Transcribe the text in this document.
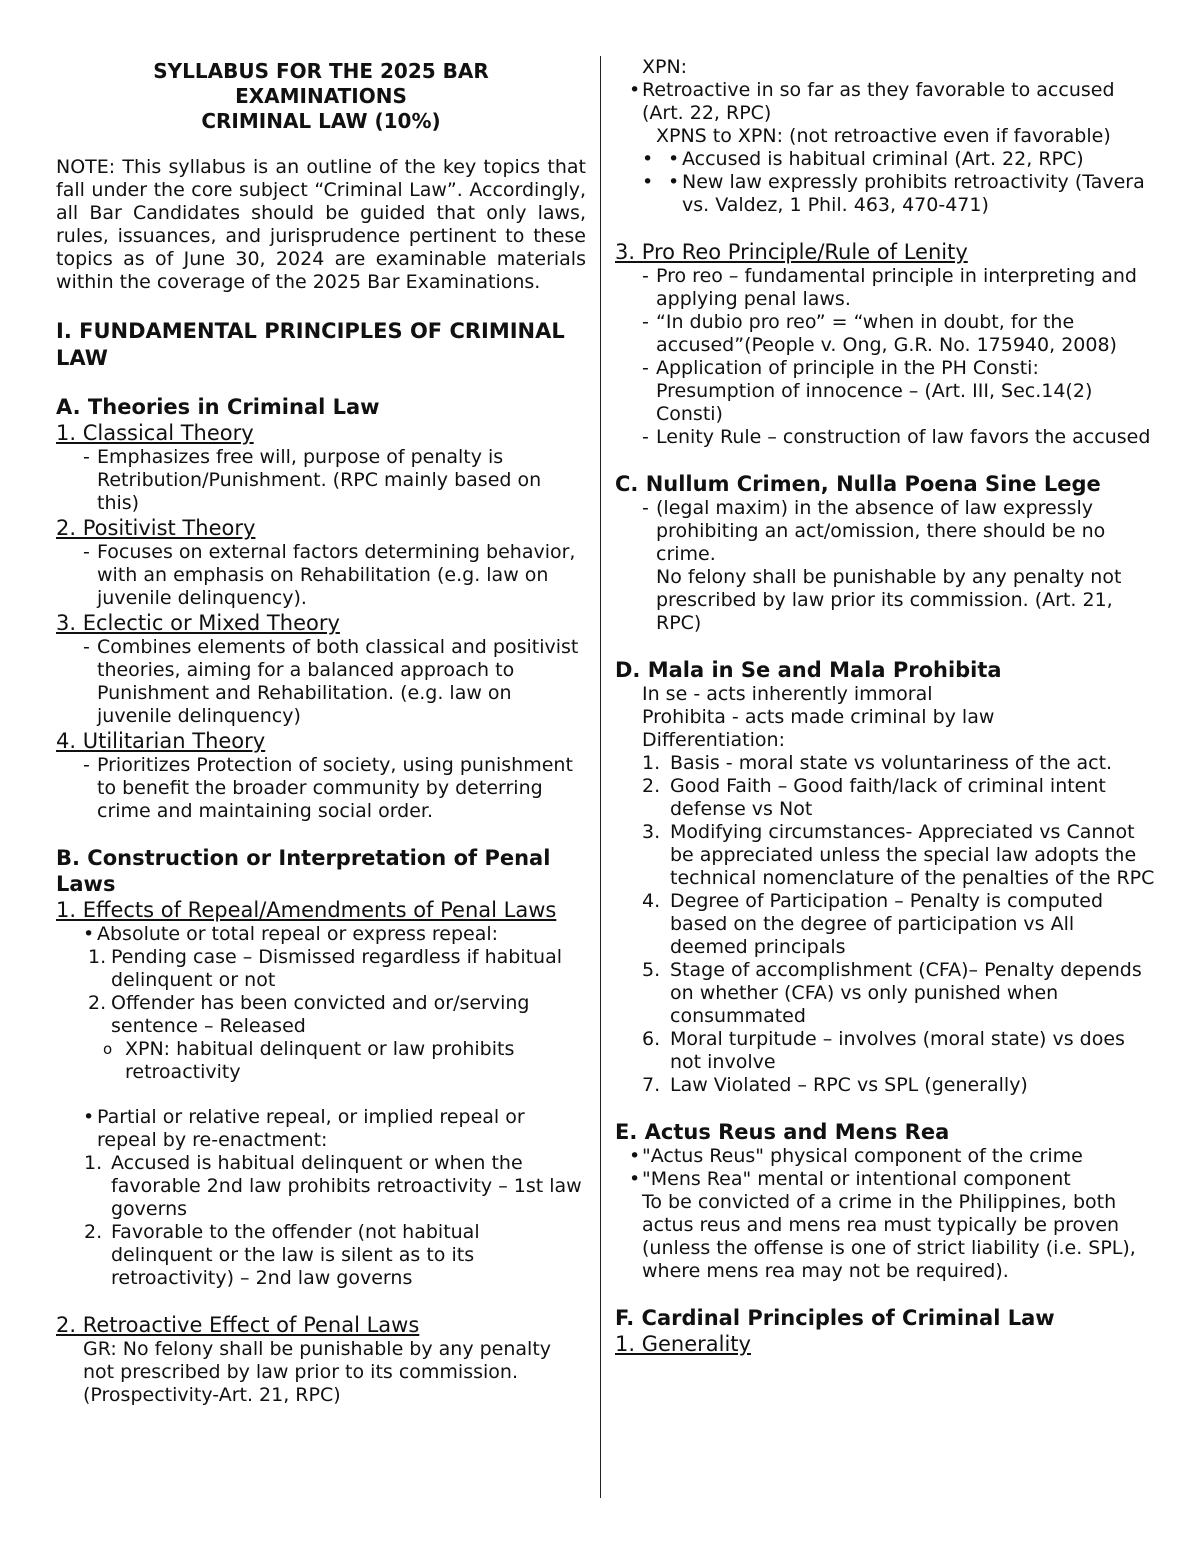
SYLLABUS FOR THE 2025 BAR
EXAMINATIONS
CRIMINAL LAW (10%)
NOTE: This syllabus is an outline of the key topics that fall under the core subject “Criminal Law”. Accordingly, all Bar Candidates should be guided that only laws, rules, issuances, and jurisprudence pertinent to these topics as of June 30, 2024 are examinable materials within the coverage of the 2025 Bar Examinations.
I. FUNDAMENTAL PRINCIPLES OF CRIMINAL LAW
A. Theories in Criminal Law
1. Classical Theory
- Emphasizes free will, purpose of penalty is Retribution/Punishment. (RPC mainly based on this)
2. Positivist Theory
- Focuses on external factors determining behavior, with an emphasis on Rehabilitation (e.g. law on juvenile delinquency).
3. Eclectic or Mixed Theory
- Combines elements of both classical and positivist theories, aiming for a balanced approach to Punishment and Rehabilitation. (e.g. law on juvenile delinquency)
4. Utilitarian Theory
- Prioritizes Protection of society, using punishment to benefit the broader community by deterring crime and maintaining social order.
B. Construction or Interpretation of Penal Laws
1. Effects of Repeal/Amendments of Penal Laws
• Absolute or total repeal or express repeal:
1. Pending case – Dismissed regardless if habitual delinquent or not
2. Offender has been convicted and or/serving sentence – Released
o XPN: habitual delinquent or law prohibits retroactivity
• Partial or relative repeal, or implied repeal or repeal by re-enactment:
1. Accused is habitual delinquent or when the favorable 2nd law prohibits retroactivity – 1st law governs
2. Favorable to the offender (not habitual delinquent or the law is silent as to its retroactivity) – 2nd law governs
2. Retroactive Effect of Penal Laws
GR: No felony shall be punishable by any penalty not prescribed by law prior to its commission. (Prospectivity-Art. 21, RPC)
XPN:
• Retroactive in so far as they favorable to accused (Art. 22, RPC)
XPNS to XPN: (not retroactive even if favorable)
• • Accused is habitual criminal (Art. 22, RPC)
• • New law expressly prohibits retroactivity (Tavera vs. Valdez, 1 Phil. 463, 470-471)
3. Pro Reo Principle/Rule of Lenity
- Pro reo – fundamental principle in interpreting and applying penal laws.
- “In dubio pro reo” = “when in doubt, for the accused”(People v. Ong, G.R. No. 175940, 2008)
- Application of principle in the PH Consti: Presumption of innocence – (Art. III, Sec.14(2) Consti)
- Lenity Rule – construction of law favors the accused
C. Nullum Crimen, Nulla Poena Sine Lege
- (legal maxim) in the absence of law expressly prohibiting an act/omission, there should be no crime.
No felony shall be punishable by any penalty not prescribed by law prior its commission. (Art. 21, RPC)
D. Mala in Se and Mala Prohibita
In se - acts inherently immoral
Prohibita - acts made criminal by law
Differentiation:
1. Basis - moral state vs voluntariness of the act.
2. Good Faith – Good faith/lack of criminal intent defense vs Not
3. Modifying circumstances- Appreciated vs Cannot be appreciated unless the special law adopts the technical nomenclature of the penalties of the RPC
4. Degree of Participation – Penalty is computed based on the degree of participation vs All deemed principals
5. Stage of accomplishment (CFA)– Penalty depends on whether (CFA) vs only punished when consummated
6. Moral turpitude – involves (moral state) vs does not involve
7. Law Violated – RPC vs SPL (generally)
E. Actus Reus and Mens Rea
• "Actus Reus" physical component of the crime
• "Mens Rea" mental or intentional component
To be convicted of a crime in the Philippines, both actus reus and mens rea must typically be proven (unless the offense is one of strict liability (i.e. SPL), where mens rea may not be required).
F. Cardinal Principles of Criminal Law
1. Generality
